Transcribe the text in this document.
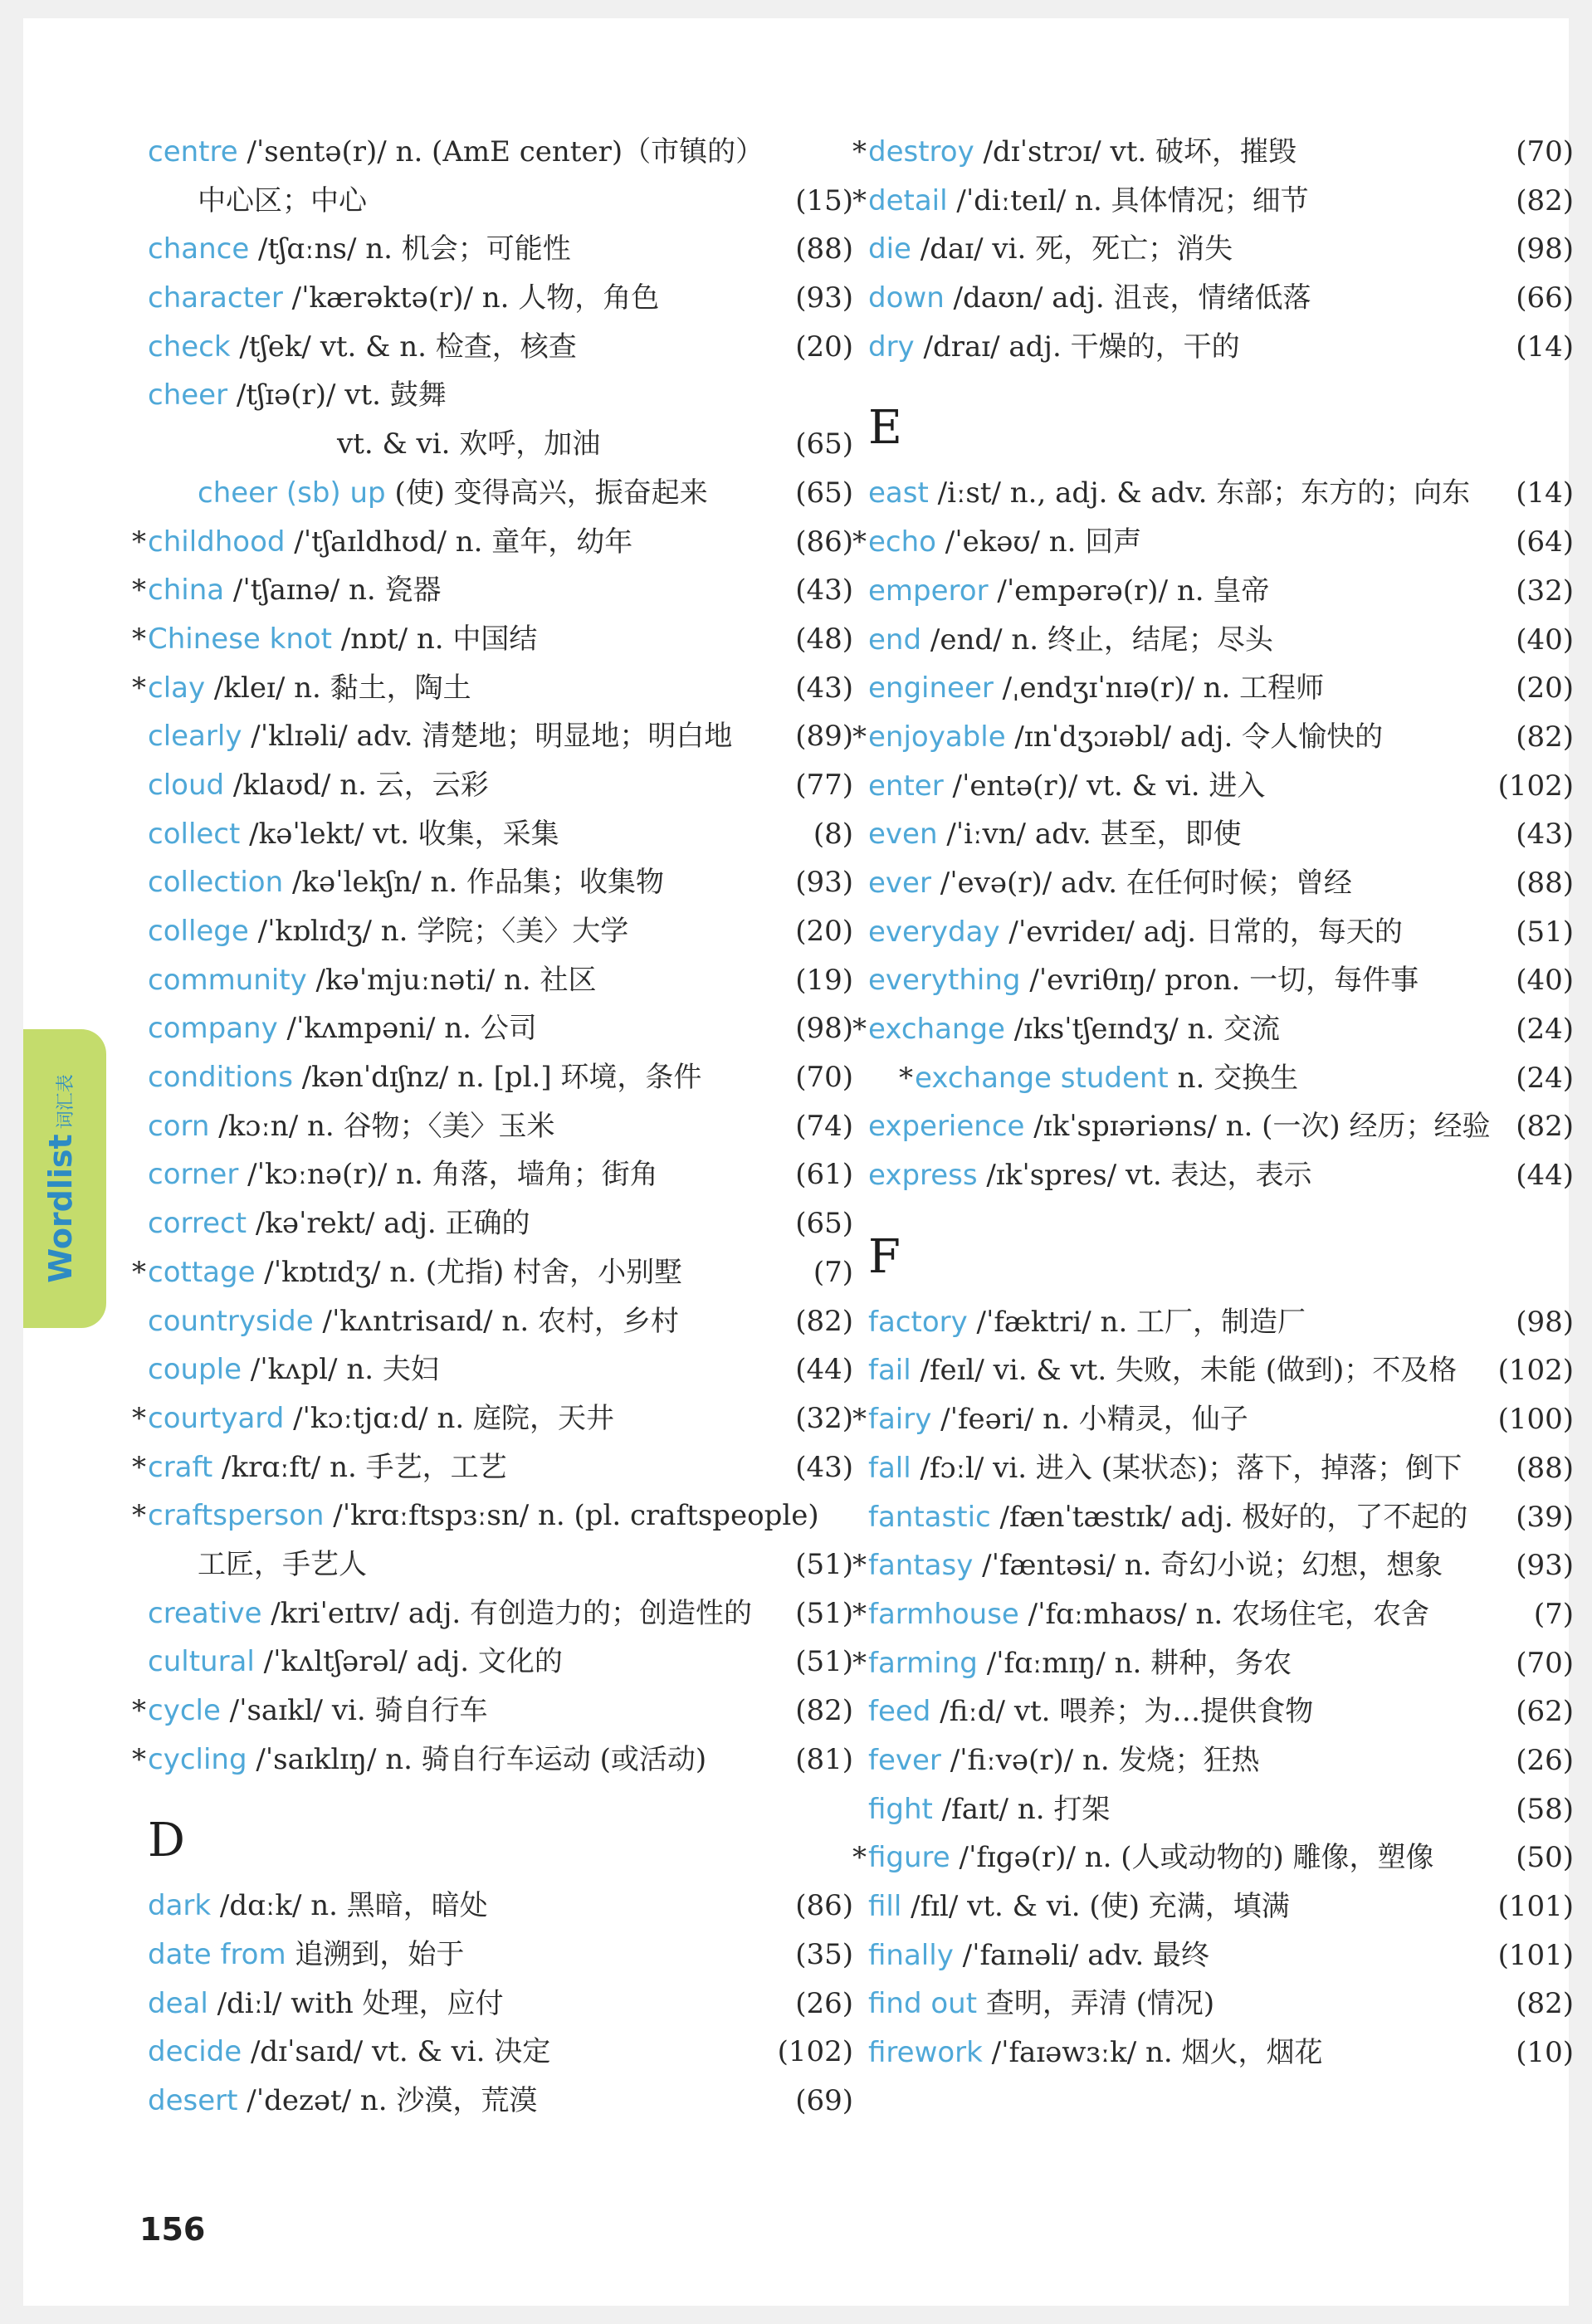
centre /ˈsentə(r)/ n. (AmE center)（市镇的）
中心区；中心	(15)
chance /tʃɑːns/ n. 机会；可能性	(88)
character /ˈkærəktə(r)/ n. 人物，角色	(93)
check /tʃek/ vt. & n. 检查，核查	(20)
cheer /tʃɪə(r)/ vt. 鼓舞
vt. & vi. 欢呼，加油	(65)
cheer (sb) up (使) 变得高兴，振奋起来	(65)
* childhood /ˈtʃaɪldhʊd/ n. 童年，幼年	(86)
* china /ˈtʃaɪnə/ n. 瓷器	(43)
* Chinese knot /nɒt/ n. 中国结	(48)
* clay /kleɪ/ n. 黏土，陶土	(43)
clearly /ˈklɪəli/ adv. 清楚地；明显地；明白地 (89)
cloud /klaʊd/ n. 云，云彩	(77)
collect /kəˈlekt/ vt. 收集，采集	(8)
collection /kəˈlekʃn/ n. 作品集；收集物	(93)
college /ˈkɒlɪdʒ/ n. 学院；〈美〉大学	(20)
community /kəˈmjuːnəti/ n. 社区	(19)
company /ˈkʌmpəni/ n. 公司	(98)
conditions /kənˈdɪʃnz/ n. [pl.] 环境，条件	(70)
corn /kɔːn/ n. 谷物；〈美〉玉米	(74)
corner /ˈkɔːnə(r)/ n. 角落，墙角；街角	(61)
correct /kəˈrekt/ adj. 正确的	(65)
* cottage /ˈkɒtɪdʒ/ n. (尤指) 村舍，小别墅	(7)
countryside /ˈkʌntrisaɪd/ n. 农村，乡村	(82)
couple /ˈkʌpl/ n. 夫妇	(44)
* courtyard /ˈkɔːtjɑːd/ n. 庭院，天井	(32)
* craft /krɑːft/ n. 手艺，工艺	(43)
* craftsperson /ˈkrɑːftspɜːsn/ n. (pl. craftspeople)
工匠，手艺人	(51)
creative /kriˈeɪtɪv/ adj. 有创造力的；创造性的 (51)
cultural /ˈkʌltʃərəl/ adj. 文化的	(51)
* cycle /ˈsaɪkl/ vi. 骑自行车	(82)
* cycling /ˈsaɪklɪŋ/ n. 骑自行车运动 (或活动)	(81)
D
dark /dɑːk/ n. 黑暗，暗处	(86)
date from 追溯到，始于	(35)
deal /diːl/ with 处理，应付	(26)
decide /dɪˈsaɪd/ vt. & vi. 决定	(102)
desert /ˈdezət/ n. 沙漠，荒漠	(69)
* destroy /dɪˈstrɔɪ/ vt. 破坏，摧毁	(70)
* detail /ˈdiːteɪl/ n. 具体情况；细节	(82)
die /daɪ/ vi. 死，死亡；消失	(98)
down /daʊn/ adj. 沮丧，情绪低落	(66)
dry /draɪ/ adj. 干燥的，干的	(14)
E
east /iːst/ n., adj. & adv. 东部；东方的；向东 (14)
* echo /ˈekəʊ/ n. 回声	(64)
emperor /ˈempərə(r)/ n. 皇帝	(32)
end /end/ n. 终止，结尾；尽头	(40)
engineer /ˌendʒɪˈnɪə(r)/ n. 工程师	(20)
* enjoyable /ɪnˈdʒɔɪəbl/ adj. 令人愉快的	(82)
enter /ˈentə(r)/ vt. & vi. 进入	(102)
even /ˈiːvn/ adv. 甚至，即使	(43)
ever /ˈevə(r)/ adv. 在任何时候；曾经	(88)
everyday /ˈevrideɪ/ adj. 日常的，每天的	(51)
everything /ˈevriθɪŋ/ pron. 一切，每件事	(40)
* exchange /ɪksˈtʃeɪndʒ/ n. 交流	(24)
* exchange student n. 交换生	(24)
experience /ɪkˈspɪəriəns/ n. (一次) 经历；经验 (82)
express /ɪkˈspres/ vt. 表达，表示	(44)
F
factory /ˈfæktri/ n. 工厂，制造厂	(98)
fail /feɪl/ vi. & vt. 失败，未能 (做到)；不及格 (102)
* fairy /ˈfeəri/ n. 小精灵，仙子	(100)
fall /fɔːl/ vi. 进入 (某状态)；落下，掉落；倒下 (88)
fantastic /fænˈtæstɪk/ adj. 极好的，了不起的 (39)
* fantasy /ˈfæntəsi/ n. 奇幻小说；幻想，想象	(93)
* farmhouse /ˈfɑːmhaʊs/ n. 农场住宅，农舍	(7)
* farming /ˈfɑːmɪŋ/ n. 耕种，务农	(70)
feed /fiːd/ vt. 喂养；为…提供食物	(62)
fever /ˈfiːvə(r)/ n. 发烧；狂热	(26)
fight /faɪt/ n. 打架	(58)
* figure /ˈfɪgə(r)/ n. (人或动物的) 雕像，塑像	(50)
fill /fɪl/ vt. & vi. (使) 充满，填满	(101)
finally /ˈfaɪnəli/ adv. 最终	(101)
find out 查明，弄清 (情况)	(82)
firework /ˈfaɪəwɜːk/ n. 烟火，烟花	(10)
Wordlist词汇表
156
